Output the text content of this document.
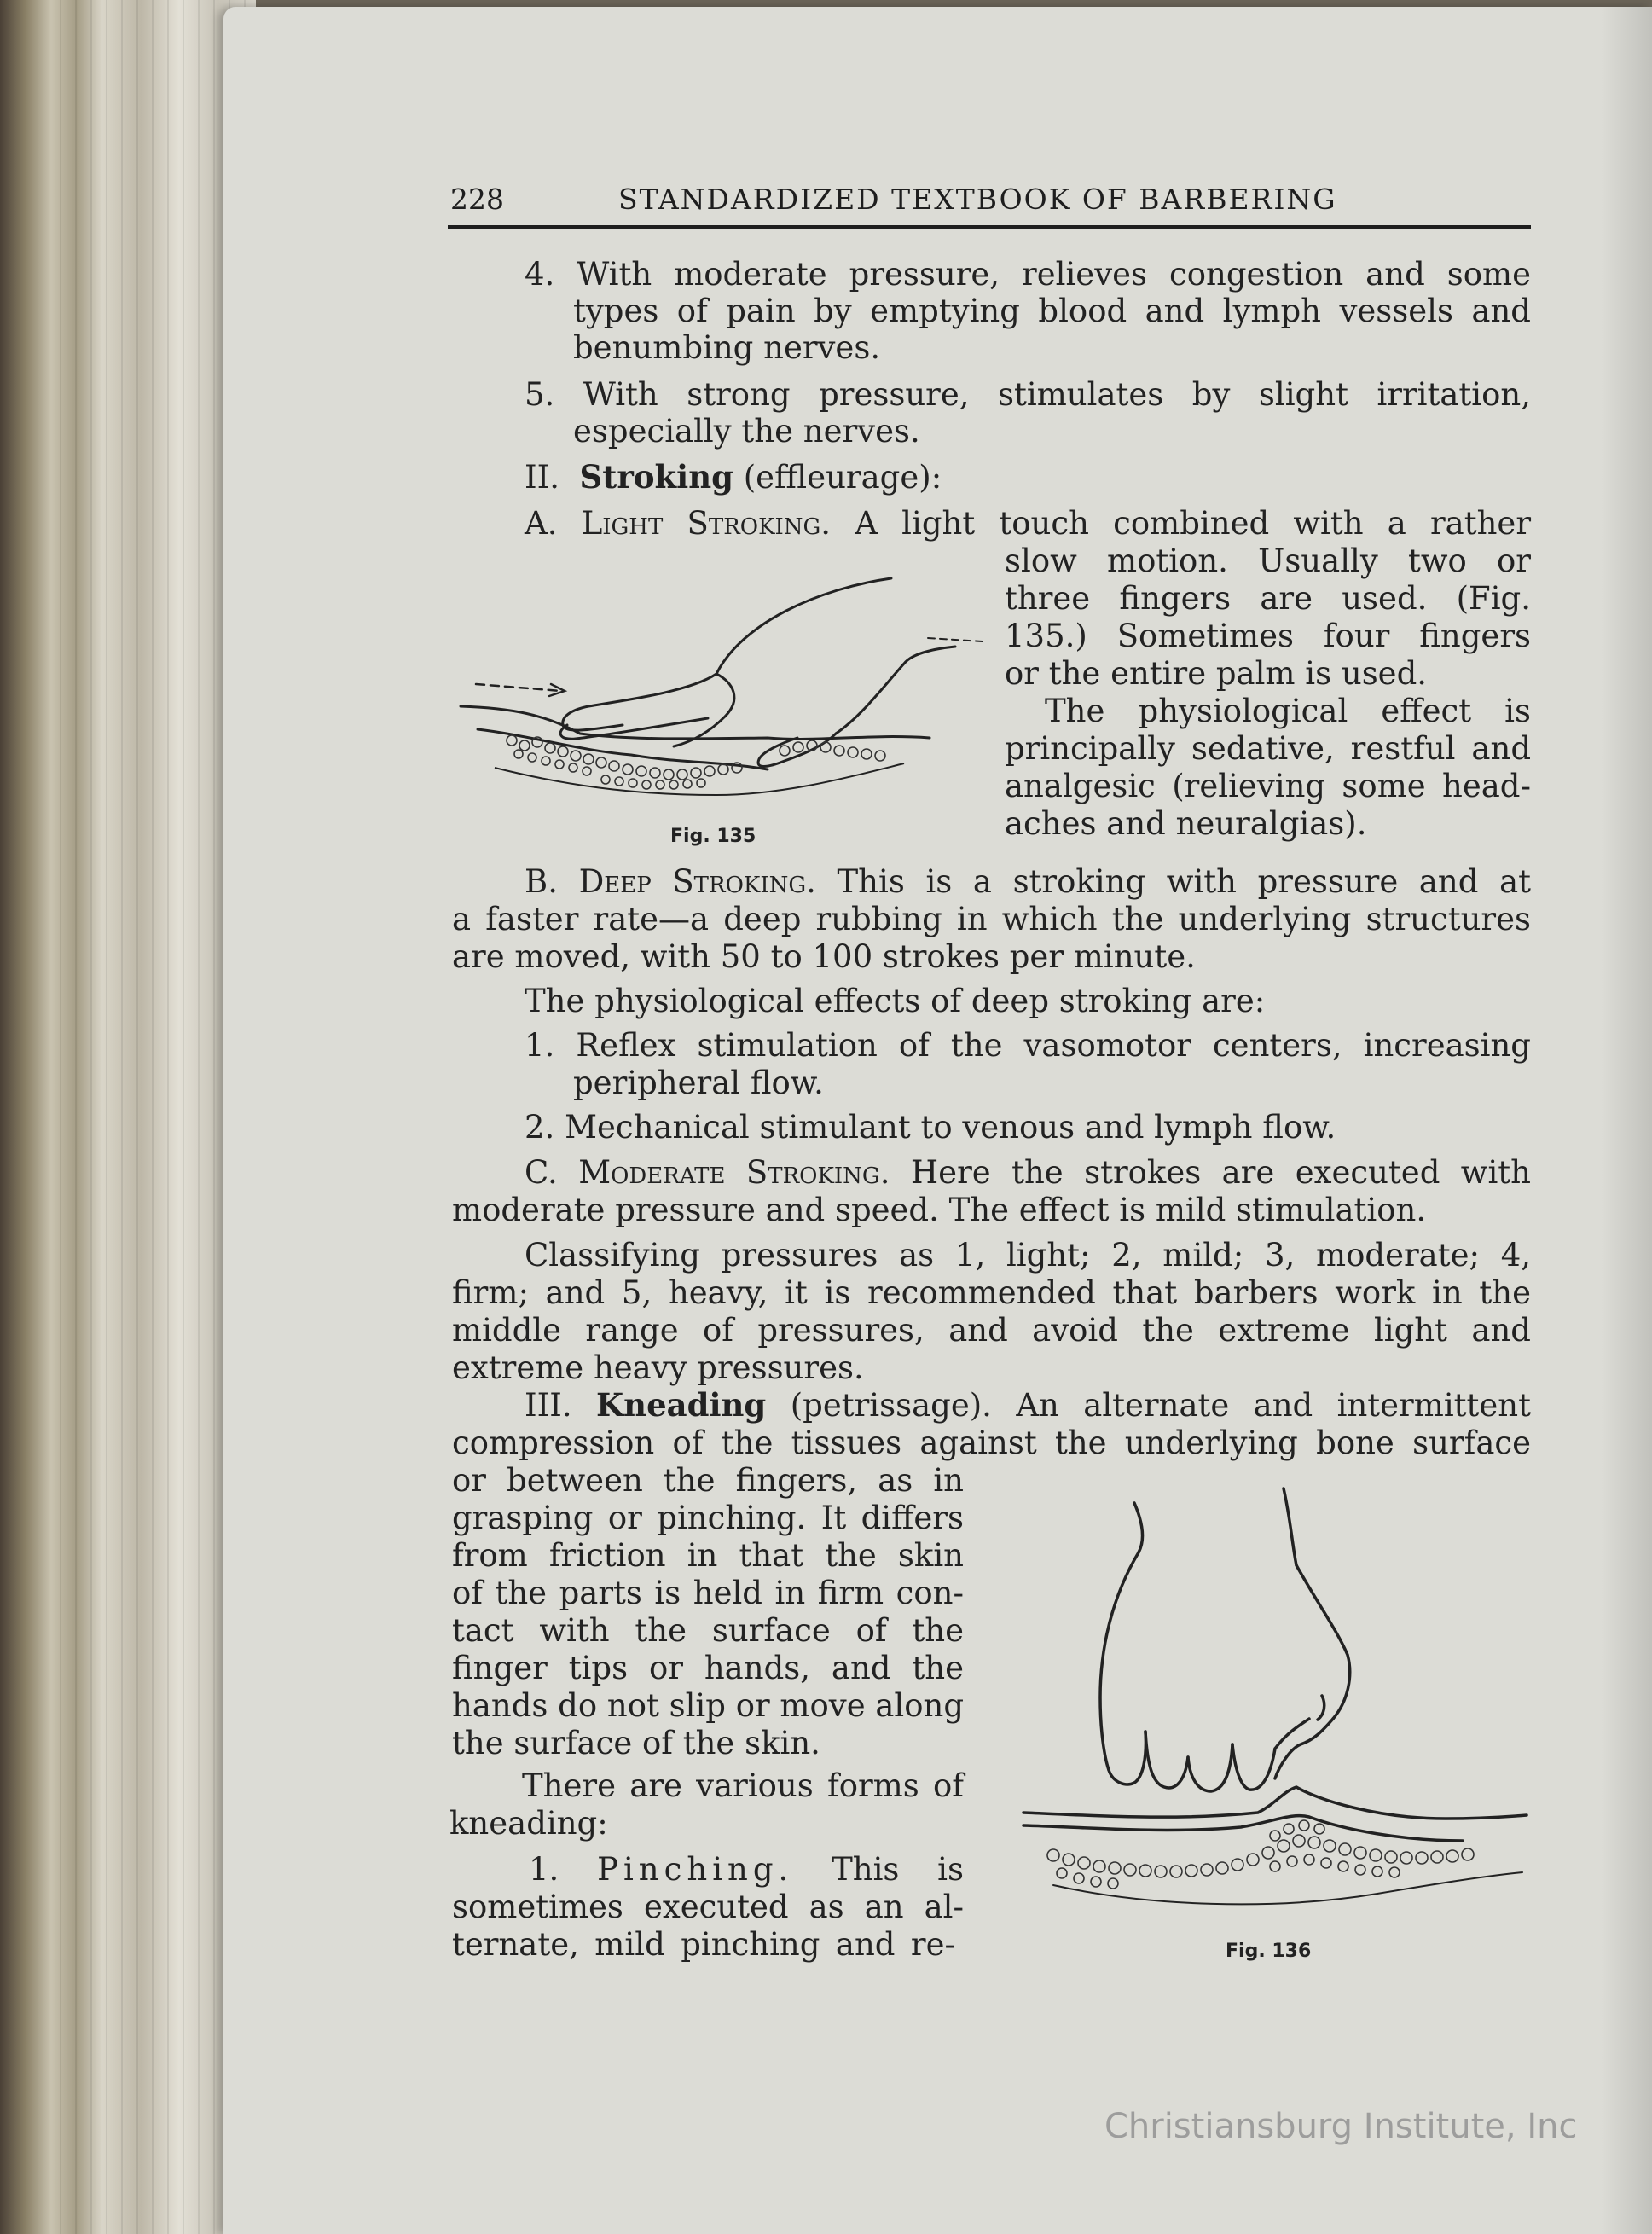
228	STANDARDIZED TEXTBOOK OF BARBERING

4. With moderate pressure, relieves congestion and some

types of pain by emptying blood and lymph vessels and

benumbing nerves.

5. With strong pressure, stimulates by slight irritation,

especially the nerves.

II. Stroking (effleurage):

A. Light Stroking. A light touch combined with a rather

slow motion. Usually two or

three fingers are used. (Fig.

135.) Sometimes four fingers

or the entire palm is used.

The physiological effect is

principally sedative, restful and

analgesic (relieving some head-

aches and neuralgias).

Fig. 135

B. Deep Stroking. This is a stroking with pressure and at

a faster rate—a deep rubbing in which the underlying structures

are moved, with 50 to 100 strokes per minute.

The physiological effects of deep stroking are:

1. Reflex stimulation of the vasomotor centers, increasing

peripheral flow.

2. Mechanical stimulant to venous and lymph flow.

C. Moderate Stroking. Here the strokes are executed with

moderate pressure and speed. The effect is mild stimulation.

Classifying pressures as 1, light; 2, mild; 3, moderate; 4,

firm; and 5, heavy, it is recommended that barbers work in the

middle range of pressures, and avoid the extreme light and

extreme heavy pressures.

III. Kneading (petrissage). An alternate and intermittent

compression of the tissues against the underlying bone surface

or between the fingers, as in

grasping or pinching. It differs

from friction in that the skin

of the parts is held in firm con-

tact with the surface of the

finger tips or hands, and the

hands do not slip or move along

the surface of the skin.

There are various forms of

kneading:

1. Pinching. This is

sometimes executed as an al-

ternate, mild pinching and re-	Fig. 136
Christiansburg Institute, Inc
